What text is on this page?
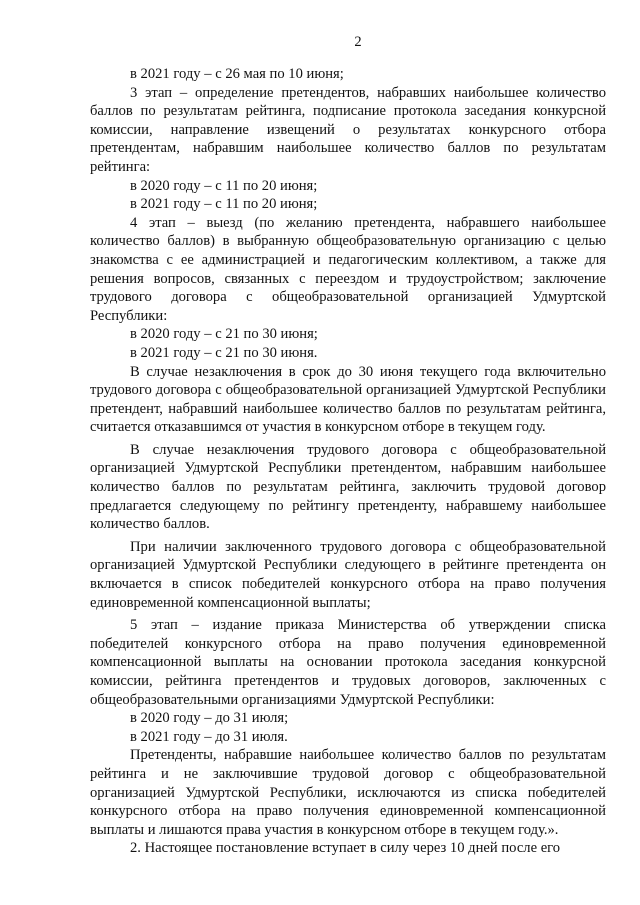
2

в 2021 году – с 26 мая по 10 июня;

3 этап – определение претендентов, набравших наибольшее количество баллов по результатам рейтинга, подписание протокола заседания конкурсной комиссии, направление извещений о результатах конкурсного отбора претендентам, набравшим наибольшее количество баллов по результатам рейтинга:

в 2020 году – с 11 по 20 июня;

в 2021 году – с 11 по 20 июня;

4 этап – выезд (по желанию претендента, набравшего наибольшее количество баллов) в выбранную общеобразовательную организацию с целью знакомства с ее администрацией и педагогическим коллективом, а также для решения вопросов, связанных с переездом и трудоустройством; заключение трудового договора с общеобразовательной организацией Удмуртской Республики:

в 2020 году – с 21 по 30 июня;

в 2021 году – с 21 по 30 июня.

В случае незаключения в срок до 30 июня текущего года включительно трудового договора с общеобразовательной организацией Удмуртской Республики претендент, набравший наибольшее количество баллов по результатам рейтинга, считается отказавшимся от участия в конкурсном отборе в текущем году.

В случае незаключения трудового договора с общеобразовательной организацией Удмуртской Республики претендентом, набравшим наибольшее количество баллов по результатам рейтинга, заключить трудовой договор предлагается следующему по рейтингу претенденту, набравшему наибольшее количество баллов.

При наличии заключенного трудового договора с общеобразовательной организацией Удмуртской Республики следующего в рейтинге претендента он включается в список победителей конкурсного отбора на право получения единовременной компенсационной выплаты;

5 этап – издание приказа Министерства об утверждении списка победителей конкурсного отбора на право получения единовременной компенсационной выплаты на основании протокола заседания конкурсной комиссии, рейтинга претендентов и трудовых договоров, заключенных с общеобразовательными организациями Удмуртской Республики:

в 2020 году – до 31 июля;

в 2021 году – до 31 июля.

Претенденты, набравшие наибольшее количество баллов по результатам рейтинга и не заключившие трудовой договор с общеобразовательной организацией Удмуртской Республики, исключаются из списка победителей конкурсного отбора на право получения единовременной компенсационной выплаты и лишаются права участия в конкурсном отборе в текущем году.».

2. Настоящее постановление вступает в силу через 10 дней после его
